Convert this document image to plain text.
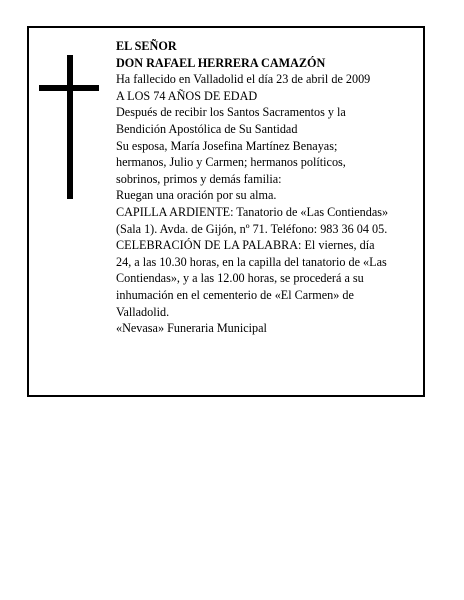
EL SEÑOR
DON RAFAEL HERRERA CAMAZÓN
Ha fallecido en Valladolid el día 23 de abril de 2009
A LOS 74 AÑOS DE EDAD
Después de recibir los Santos Sacramentos y la
Bendición Apostólica de Su Santidad
Su esposa, María Josefina Martínez Benayas;
hermanos, Julio y Carmen; hermanos políticos,
sobrinos, primos y demás familia:
Ruegan una oración por su alma.
CAPILLA ARDIENTE: Tanatorio de «Las Contiendas»
(Sala 1). Avda. de Gijón, nº 71. Teléfono: 983 36 04 05.
CELEBRACIÓN DE LA PALABRA: El viernes, día
24, a las 10.30 horas, en la capilla del tanatorio de «Las
Contiendas», y a las 12.00 horas, se procederá a su
inhumación en el cementerio de «El Carmen» de
Valladolid.
«Nevasa» Funeraria Municipal
